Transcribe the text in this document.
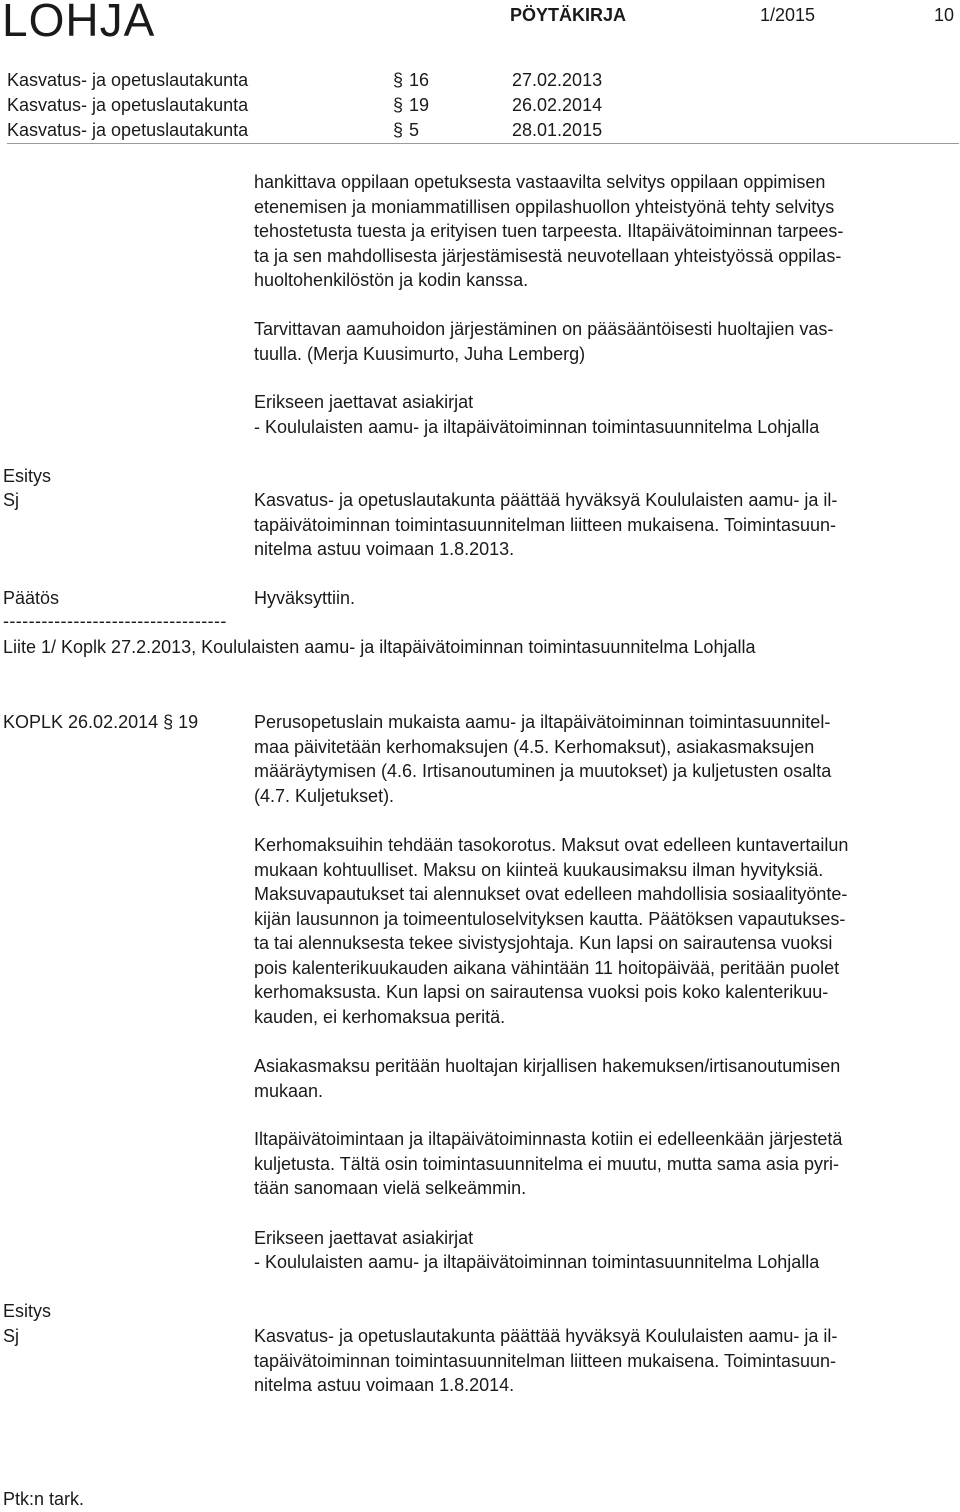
LOHJA	PÖYTÄKIRJA	1/2015	10
Kasvatus- ja opetuslautakunta	§ 16	27.02.2013
Kasvatus- ja opetuslautakunta	§ 19	26.02.2014
Kasvatus- ja opetuslautakunta	§ 5	28.01.2015
hankittava oppilaan opetuksesta vastaavilta selvitys oppilaan oppimisen
etenemisen ja moniammatillisen oppilashuollon yhteistyönä tehty selvitys
tehostetusta tuesta ja erityisen tuen tarpeesta. Iltapäivätoiminnan tarpees-
ta ja sen mahdollisesta järjestämisestä neuvotellaan yhteistyössä oppilas-
huoltohenkilöstön ja kodin kanssa.
Tarvittavan aamuhoidon järjestäminen on pääsääntöisesti huoltajien vas-
tuulla. (Merja Kuusimurto, Juha Lemberg)
Erikseen jaettavat asiakirjat
- Koululaisten aamu- ja iltapäivätoiminnan toimintasuunnitelma Lohjalla
Esitys
Sj	Kasvatus- ja opetuslautakunta päättää hyväksyä Koululaisten aamu- ja il-
tapäivätoiminnan toimintasuunnitelman liitteen mukaisena. Toimintasuun-
nitelma astuu voimaan 1.8.2013.
Päätös	Hyväksyttiin.
-----------------------------------
Liite 1/ Koplk 27.2.2013, Koululaisten aamu- ja iltapäivätoiminnan toimintasuunnitelma Lohjalla
KOPLK 26.02.2014 § 19	Perusopetuslain mukaista aamu- ja iltapäivätoiminnan toimintasuunnitel-
maa päivitetään kerhomaksujen (4.5. Kerhomaksut), asiakasmaksujen
määräytymisen (4.6. Irtisanoutuminen ja muutokset) ja kuljetusten osalta
(4.7. Kuljetukset).
Kerhomaksuihin tehdään tasokorotus. Maksut ovat edelleen kuntavertailun
mukaan kohtuulliset. Maksu on kiinteä kuukausimaksu ilman hyvityksiä.
Maksuvapautukset tai alennukset ovat edelleen mahdollisia sosiaalityönte-
kijän lausunnon ja toimeentuloselvityksen kautta. Päätöksen vapautukses-
ta tai alennuksesta tekee sivistysjohtaja. Kun lapsi on sairautensa vuoksi
pois kalenterikuukauden aikana vähintään 11 hoitopäivää, peritään puolet
kerhomaksusta. Kun lapsi on sairautensa vuoksi pois koko kalenterikuu-
kauden, ei kerhomaksua peritä.
Asiakasmaksu peritään huoltajan kirjallisen hakemuksen/irtisanoutumisen
mukaan.
Iltapäivätoimintaan ja iltapäivätoiminnasta kotiin ei edelleenkään järjestetä
kuljetusta. Tältä osin toimintasuunnitelma ei muutu, mutta sama asia pyri-
tään sanomaan vielä selkeämmin.
Erikseen jaettavat asiakirjat
- Koululaisten aamu- ja iltapäivätoiminnan toimintasuunnitelma Lohjalla
Esitys
Sj	Kasvatus- ja opetuslautakunta päättää hyväksyä Koululaisten aamu- ja il-
tapäivätoiminnan toimintasuunnitelman liitteen mukaisena. Toimintasuun-
nitelma astuu voimaan 1.8.2014.
Ptk:n tark.
